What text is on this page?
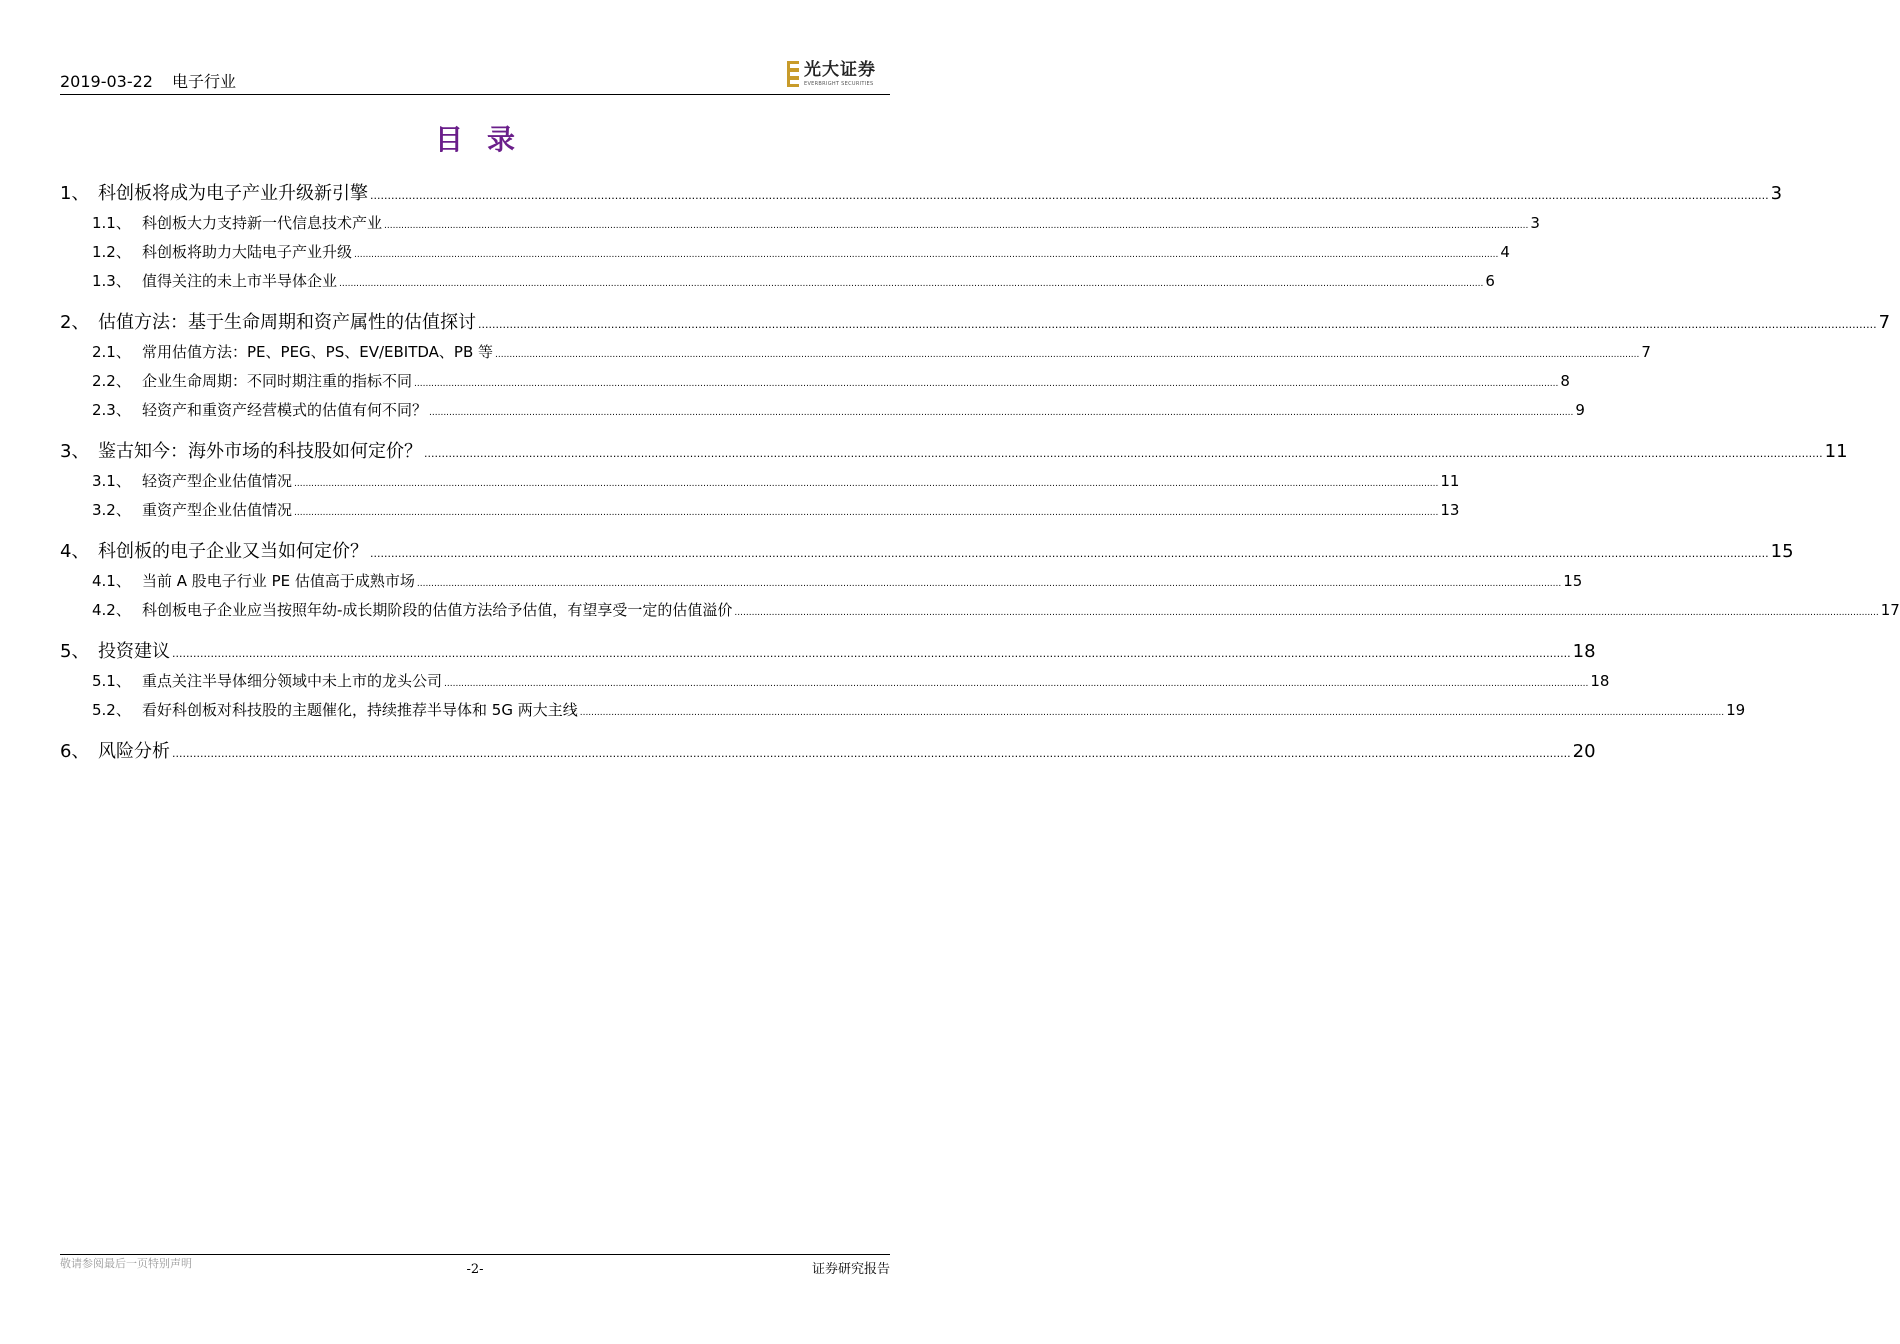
2019-03-22 电子行业
光大证券
EVERBRIGHT SECURITIES
目录
1、 科创板将成为电子产业升级新引擎 ................................................................................................................................................................................................................................................................................................................................................................................................................ 3
1.1、 科创板大力支持新一代信息技术产业 ................................................................................................................................................................................................................................................................................................................................................................................................................ 3
1.2、 科创板将助力大陆电子产业升级 ................................................................................................................................................................................................................................................................................................................................................................................................................ 4
1.3、 值得关注的未上市半导体企业 ................................................................................................................................................................................................................................................................................................................................................................................................................ 6
2、 估值方法：基于生命周期和资产属性的估值探讨 ................................................................................................................................................................................................................................................................................................................................................................................................................ 7
2.1、 常用估值方法：PE、PEG、PS、EV/EBITDA、PB 等 ................................................................................................................................................................................................................................................................................................................................................................................................................ 7
2.2、 企业生命周期：不同时期注重的指标不同 ................................................................................................................................................................................................................................................................................................................................................................................................................ 8
2.3、 轻资产和重资产经营模式的估值有何不同？ ................................................................................................................................................................................................................................................................................................................................................................................................................ 9
3、 鉴古知今：海外市场的科技股如何定价？ ................................................................................................................................................................................................................................................................................................................................................................................................................ 11
3.1、 轻资产型企业估值情况 ................................................................................................................................................................................................................................................................................................................................................................................................................ 11
3.2、 重资产型企业估值情况 ................................................................................................................................................................................................................................................................................................................................................................................................................ 13
4、 科创板的电子企业又当如何定价？ ................................................................................................................................................................................................................................................................................................................................................................................................................ 15
4.1、 当前 A 股电子行业 PE 估值高于成熟市场 ................................................................................................................................................................................................................................................................................................................................................................................................................ 15
4.2、 科创板电子企业应当按照年幼-成长期阶段的估值方法给予估值，有望享受一定的估值溢价 ................................................................................................................................................................................................................................................................................................................................................................................................................ 17
5、 投资建议 ................................................................................................................................................................................................................................................................................................................................................................................................................ 18
5.1、 重点关注半导体细分领域中未上市的龙头公司 ................................................................................................................................................................................................................................................................................................................................................................................................................ 18
5.2、 看好科创板对科技股的主题催化，持续推荐半导体和 5G 两大主线 ................................................................................................................................................................................................................................................................................................................................................................................................................ 19
6、 风险分析 ................................................................................................................................................................................................................................................................................................................................................................................................................ 20
敬请参阅最后一页特别声明	-2-	证券研究报告
